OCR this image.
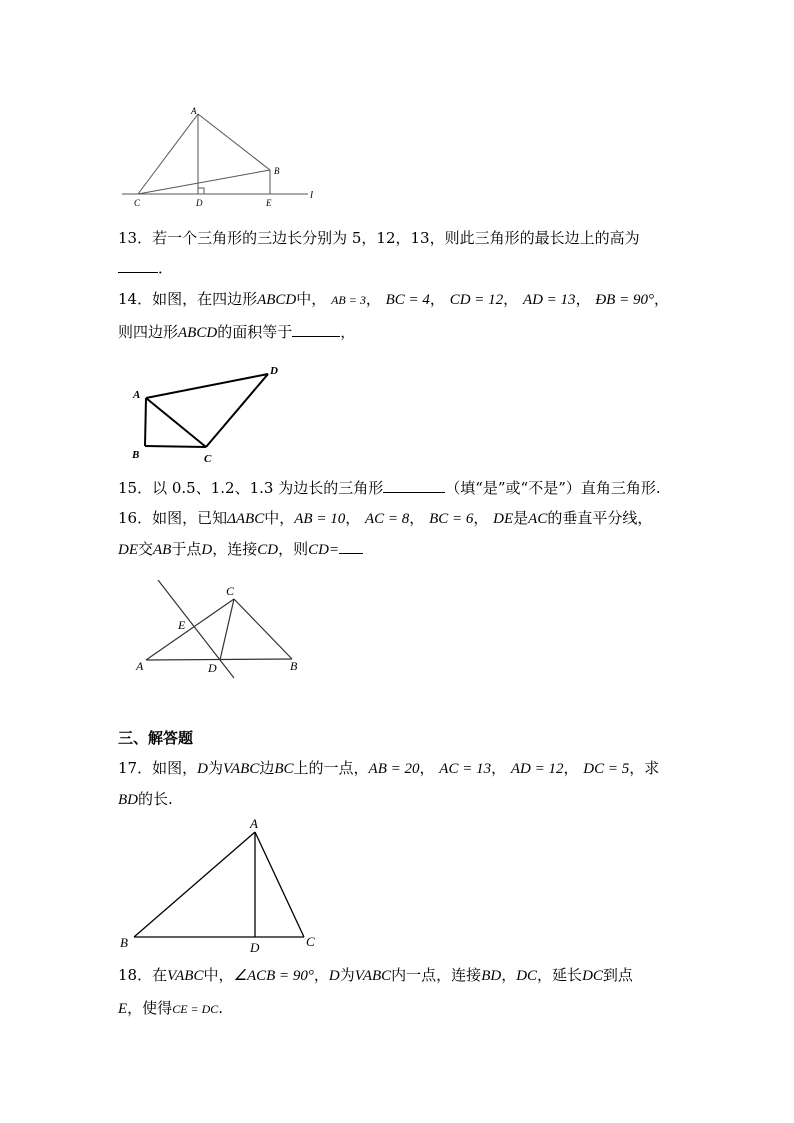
A
B
C	D	E
l
13．若一个三角形的三边长分别为 5，12，13，则此三角形的最长边上的高为
．
14．如图，在四边形ABCD中， AB = 3， BC = 4， CD = 12， AD = 13， ÐB = 90°，
则四边形ABCD的面积等于	，
A
B	C
D
15．以 0.5、1.2、1.3 为边长的三角形	（填“是”或“不是”）直角三角形.
16．如图，已知ΔABC中，AB = 10， AC = 8， BC = 6， DE是AC的垂直平分线，
DE交AB于点D，连接CD，则CD=
A	B
C
D
E
三、解答题
17．如图，D为VABC边BC上的一点，AB = 20， AC = 13， AD = 12， DC = 5，求
BD的长.
A
B	C
D
18．在VABC中，∠ACB = 90°，D为VABC内一点，连接BD，DC，延长DC到点
E，使得CE = DC.
